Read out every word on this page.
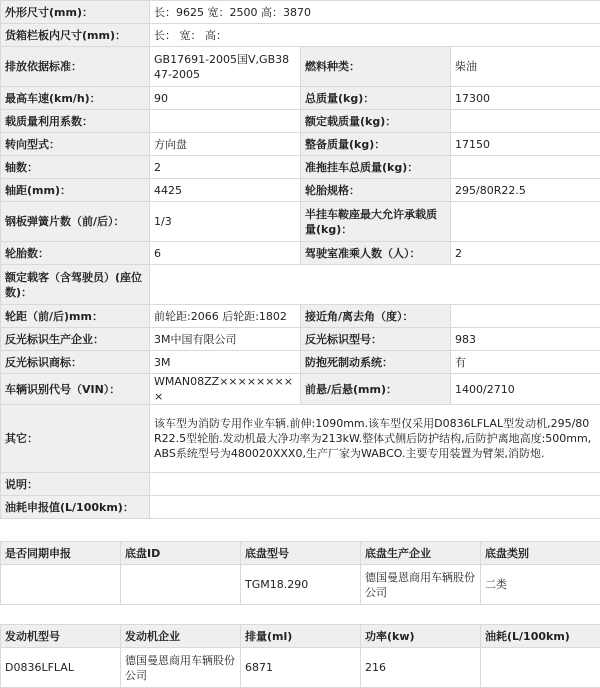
外形尺寸(mm)：	长：9625 宽：2500 高：3870		
货箱栏板内尺寸(mm)：	长： 宽： 高：		
排放依据标准：	GB17691-2005国V,GB3847-2005	燃料种类：	柴油
最高车速(km/h)：	90	总质量(kg)：	17300
载质量利用系数：		额定载质量(kg)：	
转向型式：	方向盘	整备质量(kg)：	17150
轴数：	2	准拖挂车总质量(kg)：	
轴距(mm)：	4425	轮胎规格：	295/80R22.5
钢板弹簧片数（前/后）：	1/3	半挂车鞍座最大允许承载质量(kg)：	
轮胎数：	6	驾驶室准乘人数（人）：	2
额定载客（含驾驶员）(座位数)：			
轮距（前/后)mm：	前轮距:2066 后轮距:1802	接近角/离去角（度）：	
反光标识生产企业：	3M中国有限公司	反光标识型号：	983
反光标识商标：	3M	防抱死制动系统：	有
车辆识别代号（VIN）：	WMAN08ZZ×××××××××	前悬/后悬(mm)：	1400/2710
其它：	该车型为消防专用作业车辆.前伸:1090mm.该车型仅采用D0836LFLAL型发动机,295/80R22.5型轮胎.发动机最大净功率为213kW.整体式侧后防护结构,后防护离地高度:500mm,ABS系统型号为480020XXX0,生产厂家为WABCO.主要专用装置为臂架,消防炮.		
说明：			
油耗申报值(L/100km)：			
是否同期申报	底盘ID	底盘型号	底盘生产企业	底盘类别
		TGM18.290	德国曼恩商用车辆股份公司	二类
发动机型号	发动机企业	排量(ml)	功率(kw)	油耗(L/100km)
D0836LFLAL	德国曼恩商用车辆股份公司	6871	216	
